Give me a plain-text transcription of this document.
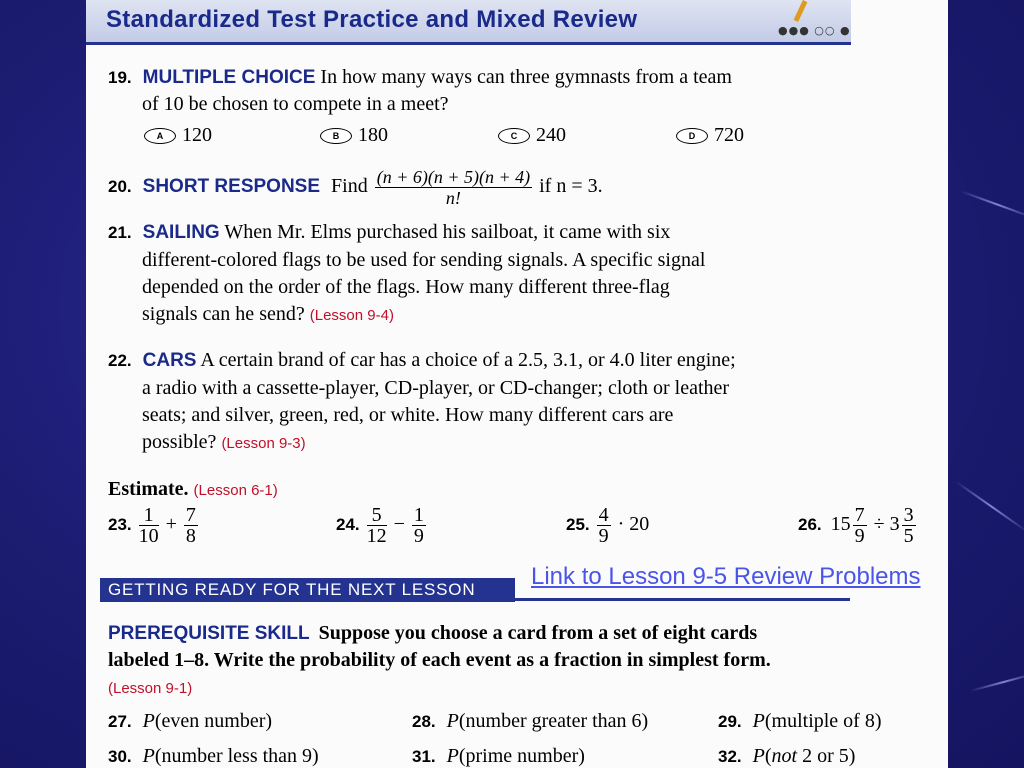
Standardized Test Practice and Mixed Review	●●● ○○ ●
19. MULTIPLE CHOICE In how many ways can three gymnasts from a team
of 10 be chosen to compete in a meet?
A 120	B 180	C 240	D 720
20. SHORT RESPONSE Find $\frac{(n + 6)(n + 5)(n + 4)}{n!}$ if n = 3.
21. SAILING When Mr. Elms purchased his sailboat, it came with six
different-colored flags to be used for sending signals. A specific signal
depended on the order of the flags. How many different three-flag
signals can he send? (Lesson 9-4)
22. CARS A certain brand of car has a choice of a 2.5, 3.1, or 4.0 liter engine;
a radio with a cassette-player, CD-player, or CD-changer; cloth or leather
seats; and silver, green, red, or white. How many different cars are
possible? (Lesson 9-3)
Estimate. (Lesson 6-1)
23. $\frac{1}{10} + \frac{7}{8}$	24. $\frac{5}{12} - \frac{1}{9}$	25. $\frac{4}{9} \cdot 20$	26. $15 \frac{7}{9} \div 3 \frac{3}{5}$
GETTING READY FOR THE NEXT LESSON
PREREQUISITE SKILL Suppose you choose a card from a set of eight cards
labeled 1–8. Write the probability of each event as a fraction in simplest form.
(Lesson 9-1)
27. P(even number)	28. P(number greater than 6)	29. P(multiple of 8)
30. P(number less than 9)	31. P(prime number)	32. P(not 2 or 5)
Link to Lesson 9-5 Review Problems
